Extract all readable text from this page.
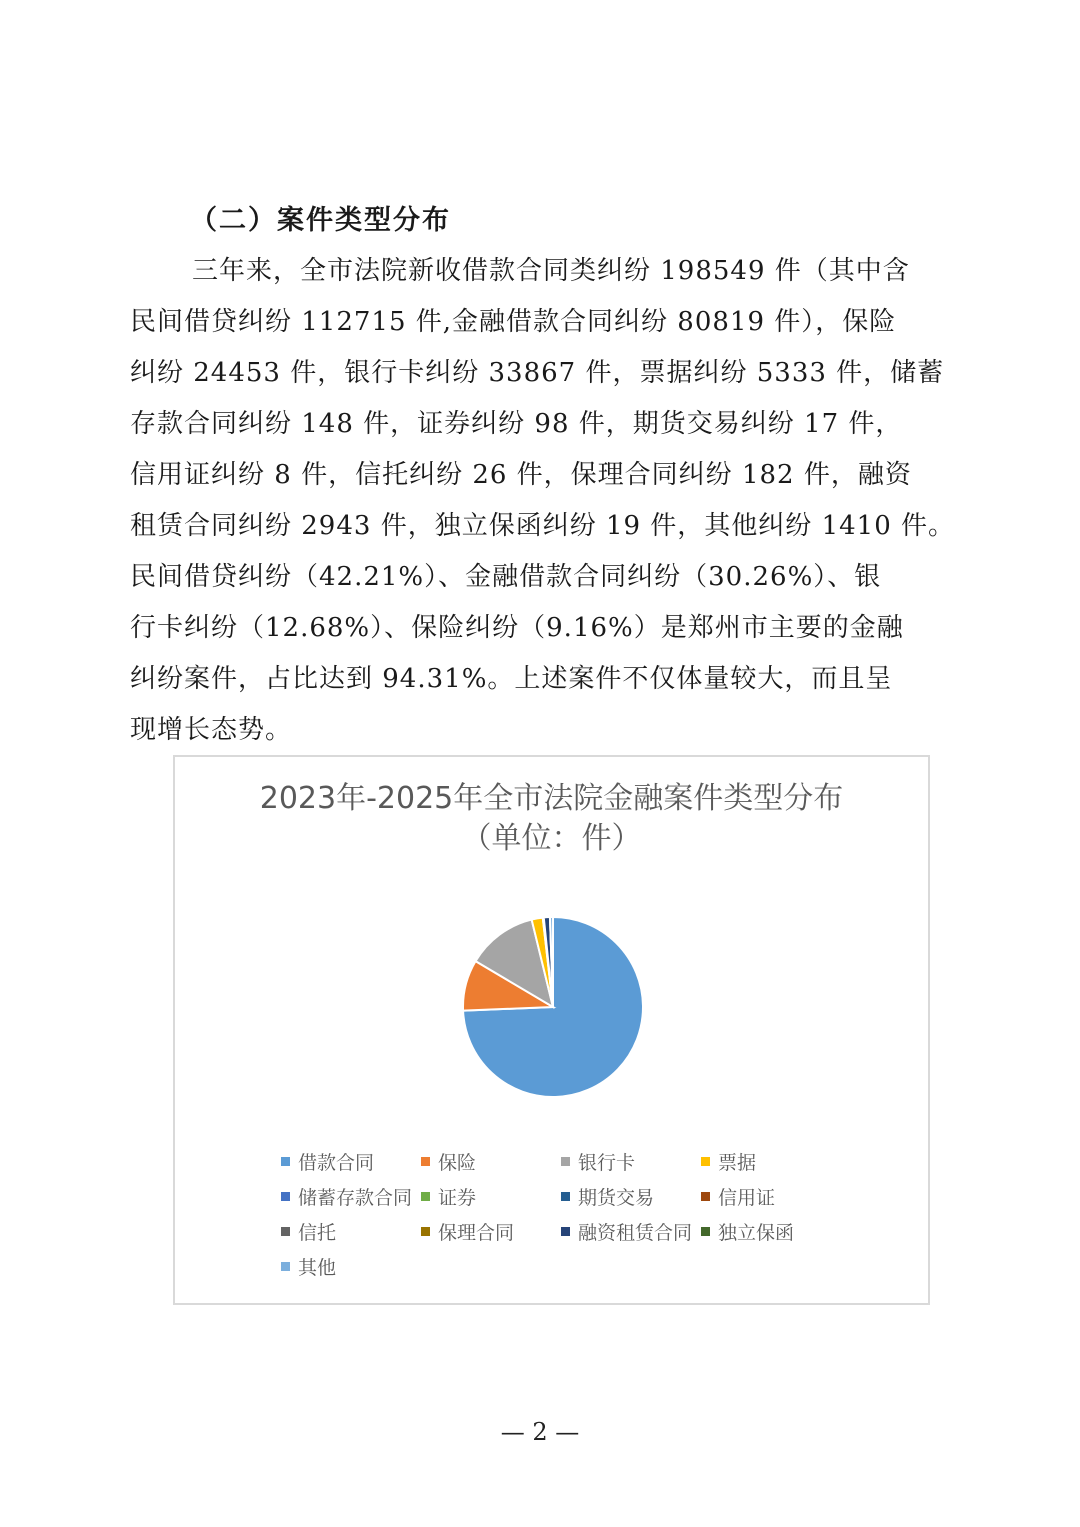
（二）案件类型分布
三年来，全市法院新收借款合同类纠纷 198549 件（其中含
民间借贷纠纷 112715 件,金融借款合同纠纷 80819 件），保险
纠纷 24453 件，银行卡纠纷 33867 件，票据纠纷 5333 件，储蓄
存款合同纠纷 148 件，证券纠纷 98 件，期货交易纠纷 17 件，
信用证纠纷 8 件，信托纠纷 26 件，保理合同纠纷 182 件，融资
租赁合同纠纷 2943 件，独立保函纠纷 19 件，其他纠纷 1410 件。
民间借贷纠纷（42.21%）、金融借款合同纠纷（30.26%）、银
行卡纠纷（12.68%）、保险纠纷（9.16%）是郑州市主要的金融
纠纷案件，占比达到 94.31%。上述案件不仅体量较大，而且呈
现增长态势。
2023年-2025年全市法院金融案件类型分布
（单位：件）
借款合同	保险	银行卡	票据
储蓄存款合同 证券	期货交易	信用证
信托	保理合同	融资租赁合同 独立保函
其他
— 2 —
